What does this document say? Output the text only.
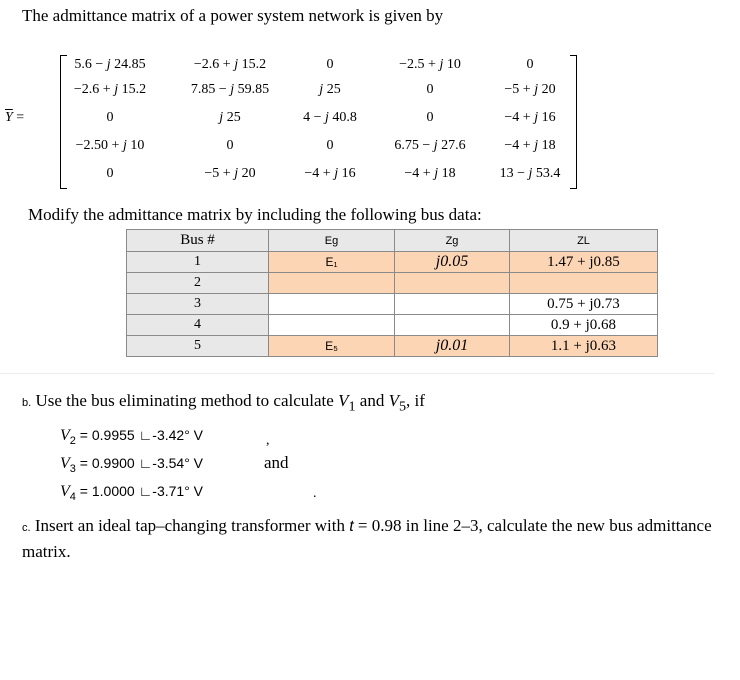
The admittance matrix of a power system network is given by
$\overline{Y}$ =
5.6 − j 24.85	−2.6 + j 15.2	0	−2.5 + j 10	0
−2.6 + j 15.2	7.85 − j 59.85	j 25	0	−5 + j 20
0	j 25	4 − j 40.8	0	−4 + j 16
−2.50 + j 10	0	0	6.75 − j 27.6	−4 + j 18
0	−5 + j 20	−4 + j 16	−4 + j 18	13 − j 53.4
Modify the admittance matrix by including the following bus data:
Bus #	Eg	Zg	ZL
1	E₁	j0.05	1.47 + j0.85
2			
3			0.75 + j0.73
4			0.9 + j0.68
5	E₅	j0.01	1.1 + j0.63
b. Use the bus eliminating method to calculate $V_1$ and $V_5$, if
$V_2 = 0.9955$ ∟-3.42° V
$V_3 = 0.9900$ ∟-3.54° V
$V_4 = 1.0000$ ∟-3.71° V
,
and
.
c. Insert an ideal tap–changing transformer with t = 0.98 in line 2–3, calculate the new bus admittance matrix.
